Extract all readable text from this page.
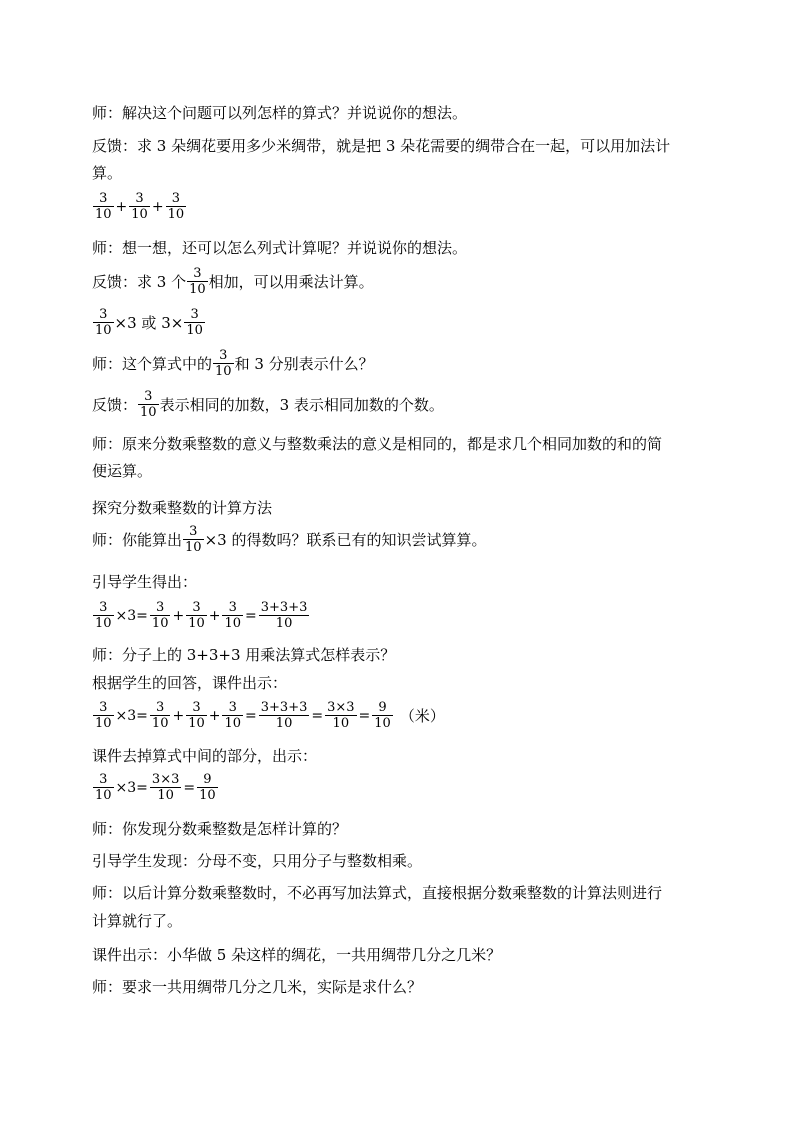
师：解决这个问题可以列怎样的算式？并说说你的想法。
反馈：求 3 朵绸花要用多少米绸带，就是把 3 朵花需要的绸带合在一起，可以用加法计
算。
$\frac{3}{10} + \frac{3}{10} + \frac{3}{10}$
师：想一想，还可以怎么列式计算呢？并说说你的想法。
反馈：求 3 个 $\frac{3}{10}$ 相加，可以用乘法计算。
$\frac{3}{10} \times 3$ 或 $3\times \frac{3}{10}$
师：这个算式中的 $\frac{3}{10}$ 和 3 分别表示什么？
反馈： $\frac{3}{10}$ 表示相同的加数，3 表示相同加数的个数。
师：原来分数乘整数的意义与整数乘法的意义是相同的，都是求几个相同加数的和的简
便运算。
探究分数乘整数的计算方法
师：你能算出 $\frac{3}{10} \times 3$ 的得数吗？联系已有的知识尝试算算。
引导学生得出：
$\frac{3}{10} \times 3= \frac{3}{10} + \frac{3}{10} + \frac{3}{10} = \frac{3+3+3}{10}$
师：分子上的 3+3+3 用乘法算式怎样表示？
根据学生的回答，课件出示：
$\frac{3}{10} \times 3= \frac{3}{10} + \frac{3}{10} + \frac{3}{10} = \frac{3+3+3}{10} = \frac{3\times 3}{10} = \frac{9}{10}$ （米）
课件去掉算式中间的部分，出示：
$\frac{3}{10} \times 3= \frac{3\times 3}{10} = \frac{9}{10}$
师：你发现分数乘整数是怎样计算的？
引导学生发现：分母不变，只用分子与整数相乘。
师：以后计算分数乘整数时，不必再写加法算式，直接根据分数乘整数的计算法则进行
计算就行了。
课件出示：小华做 5 朵这样的绸花，一共用绸带几分之几米？
师：要求一共用绸带几分之几米，实际是求什么？
